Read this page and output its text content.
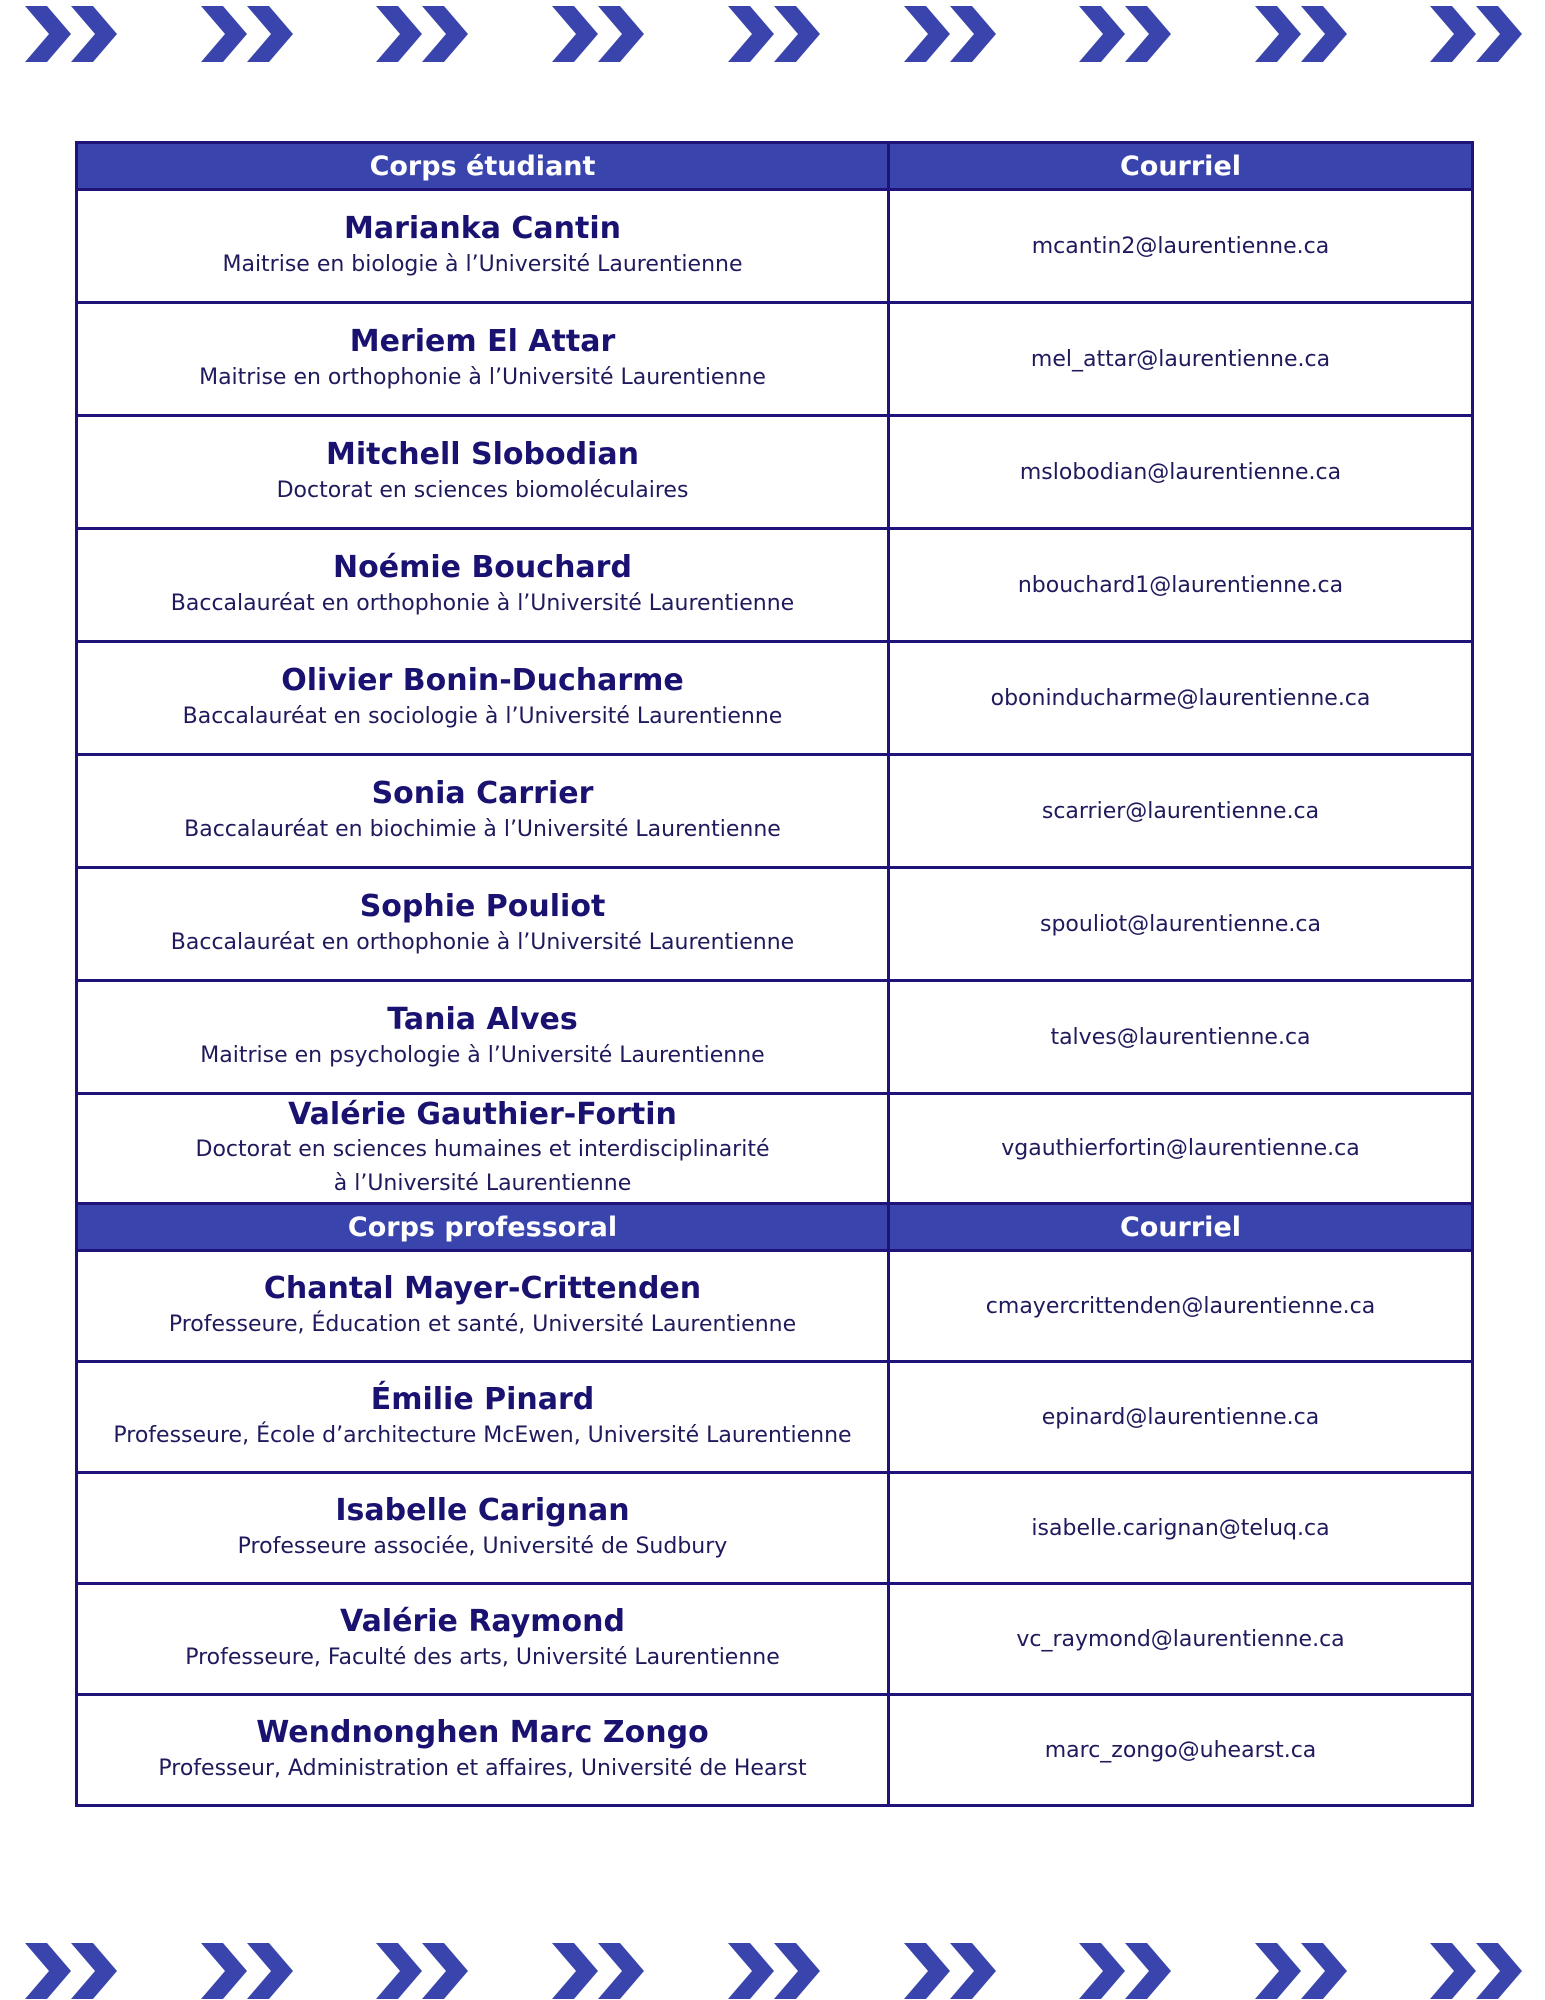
Corps étudiant	Courriel

Marianka Cantin
Maitrise en biologie à l’Université Laurentienne	mcantin2@laurentienne.ca

Meriem El Attar
Maitrise en orthophonie à l’Université Laurentienne	mel_attar@laurentienne.ca

Mitchell Slobodian
Doctorat en sciences biomoléculaires	mslobodian@laurentienne.ca

Noémie Bouchard
Baccalauréat en orthophonie à l’Université Laurentienne	nbouchard1@laurentienne.ca

Olivier Bonin-Ducharme
Baccalauréat en sociologie à l’Université Laurentienne	oboninducharme@laurentienne.ca

Sonia Carrier
Baccalauréat en biochimie à l’Université Laurentienne	scarrier@laurentienne.ca

Sophie Pouliot
Baccalauréat en orthophonie à l’Université Laurentienne	spouliot@laurentienne.ca

Tania Alves
Maitrise en psychologie à l’Université Laurentienne	talves@laurentienne.ca

Valérie Gauthier-Fortin
Doctorat en sciences humaines et interdisciplinarité
à l’Université Laurentienne	vgauthierfortin@laurentienne.ca
Corps professoral	Courriel

Chantal Mayer-Crittenden
Professeure, Éducation et santé, Université Laurentienne	cmayercrittenden@laurentienne.ca

Émilie Pinard
Professeure, École d’architecture McEwen, Université Laurentienne	epinard@laurentienne.ca

Isabelle Carignan
Professeure associée, Université de Sudbury	isabelle.carignan@teluq.ca

Valérie Raymond
Professeure, Faculté des arts, Université Laurentienne	vc_raymond@laurentienne.ca

Wendnonghen Marc Zongo
Professeur, Administration et affaires, Université de Hearst	marc_zongo@uhearst.ca
